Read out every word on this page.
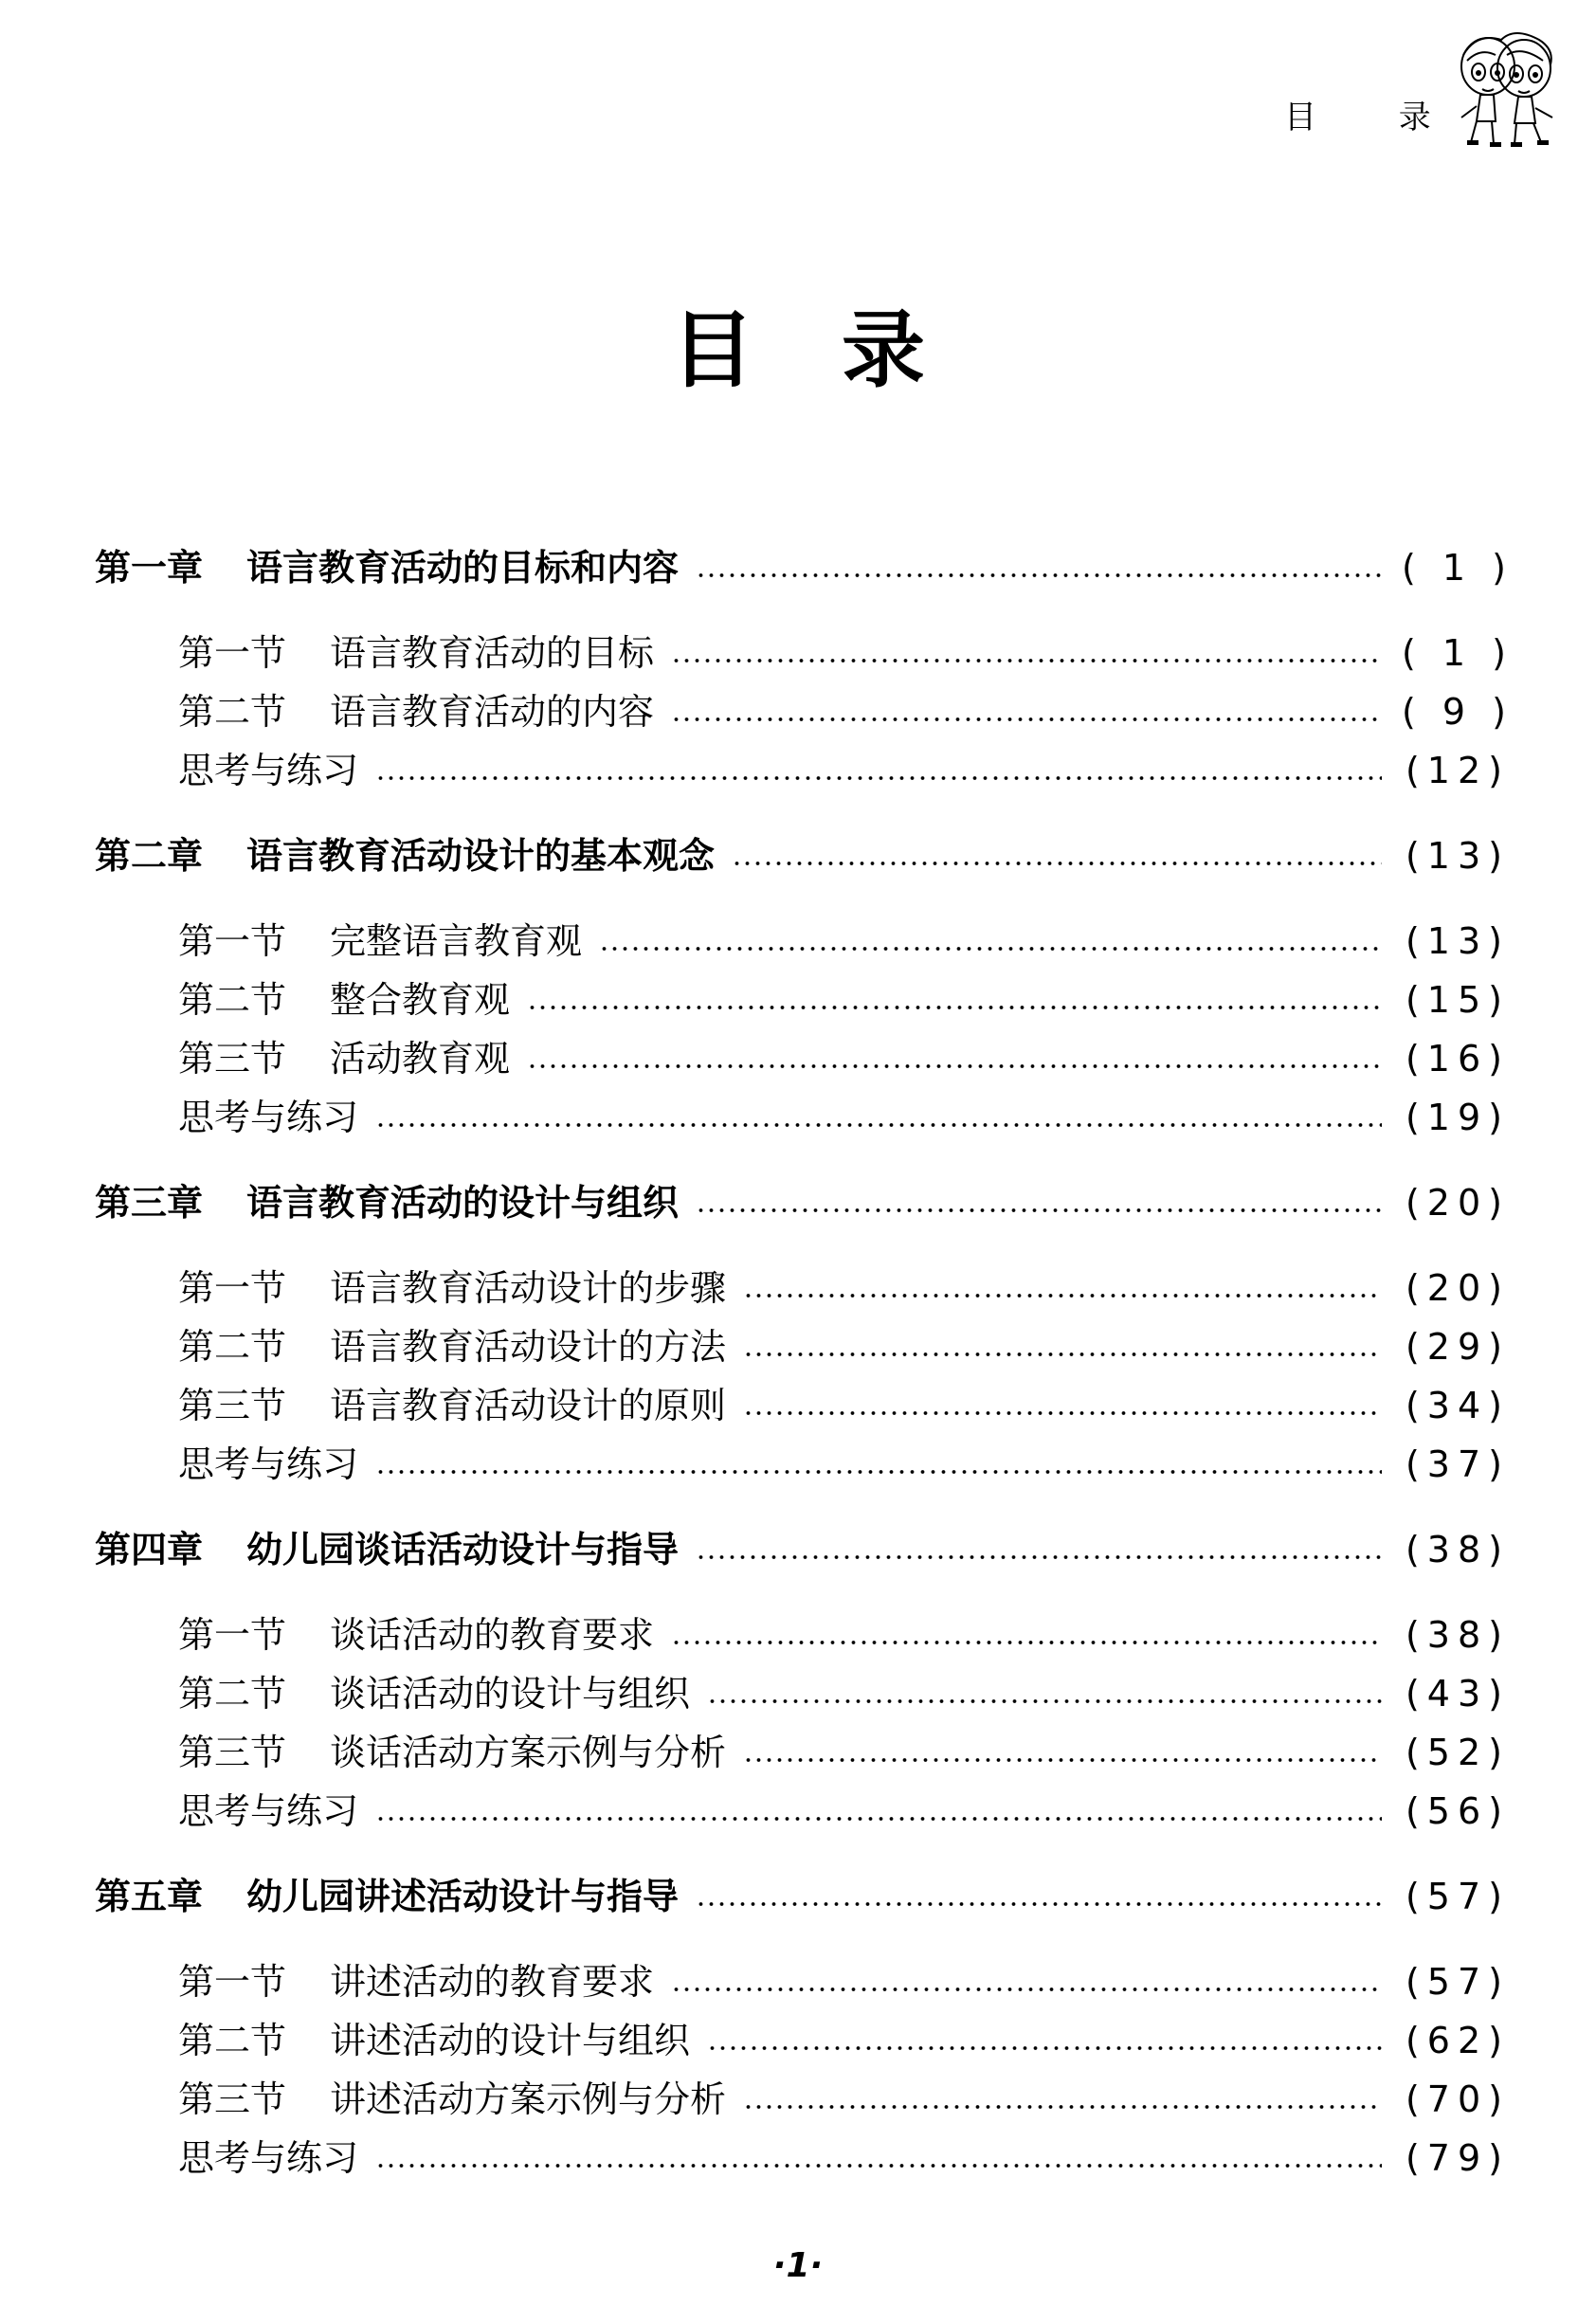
目 录
目录
第一章 语言教育活动的目标和内容	( 1 )
第一节 语言教育活动的目标	( 1 )
第二节 语言教育活动的内容	( 9 )
思考与练习	(12)
第二章 语言教育活动设计的基本观念	(13)
第一节 完整语言教育观	(13)
第二节 整合教育观	(15)
第三节 活动教育观	(16)
思考与练习	(19)
第三章 语言教育活动的设计与组织	(20)
第一节 语言教育活动设计的步骤	(20)
第二节 语言教育活动设计的方法	(29)
第三节 语言教育活动设计的原则	(34)
思考与练习	(37)
第四章 幼儿园谈话活动设计与指导	(38)
第一节 谈话活动的教育要求	(38)
第二节 谈话活动的设计与组织	(43)
第三节 谈话活动方案示例与分析	(52)
思考与练习	(56)
第五章 幼儿园讲述活动设计与指导	(57)
第一节 讲述活动的教育要求	(57)
第二节 讲述活动的设计与组织	(62)
第三节 讲述活动方案示例与分析	(70)
思考与练习	(79)
·1·
